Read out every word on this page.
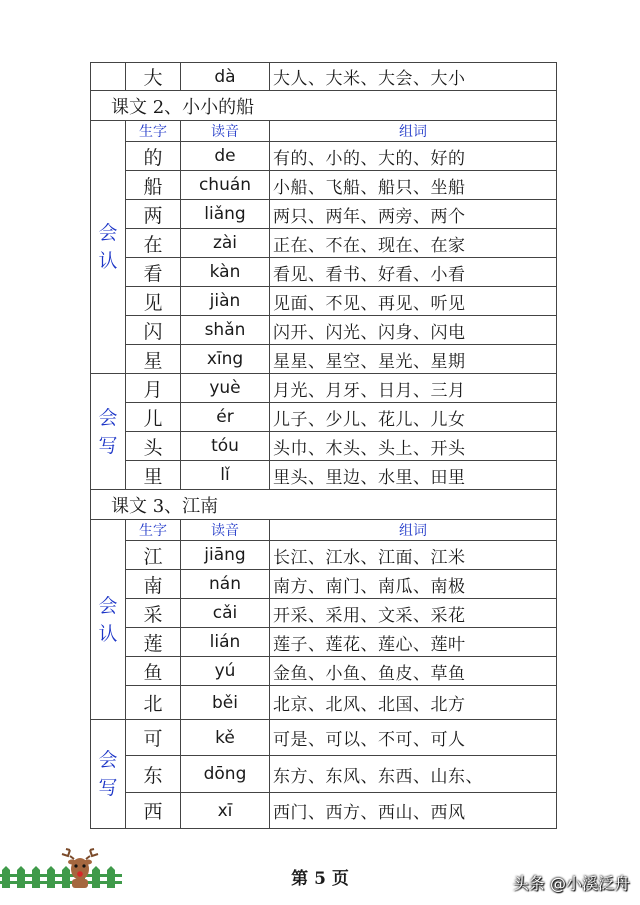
	大	dà	大人、大米、大会、大小
课文 2、小小的船			

会
认	生字	读音	组词
	的	de	有的、小的、大的、好的
	船	chuán	小船、飞船、船只、坐船
	两	liǎng	两只、两年、两旁、两个
	在	zài	正在、不在、现在、在家
	看	kàn	看见、看书、好看、小看
	见	jiàn	见面、不见、再见、听见
	闪	shǎn	闪开、闪光、闪身、闪电
	星	xīng	星星、星空、星光、星期

会
写	月	yuè	月光、月牙、日月、三月
	儿	ér	儿子、少儿、花儿、儿女
	头	tóu	头巾、木头、头上、开头
	里	lǐ	里头、里边、水里、田里
课文 3、江南			

会
认	生字	读音	组词
	江	jiāng	长江、江水、江面、江米
	南	nán	南方、南门、南瓜、南极
	采	cǎi	开采、采用、文采、采花
	莲	lián	莲子、莲花、莲心、莲叶
	鱼	yú	金鱼、小鱼、鱼皮、草鱼
	北	běi	北京、北风、北国、北方

会
写	可	kě	可是、可以、不可、可人
	东	dōng	东方、东风、东西、山东、
	西	xī	西门、西方、西山、西风
第 5 页	头条 @小溪泛舟
